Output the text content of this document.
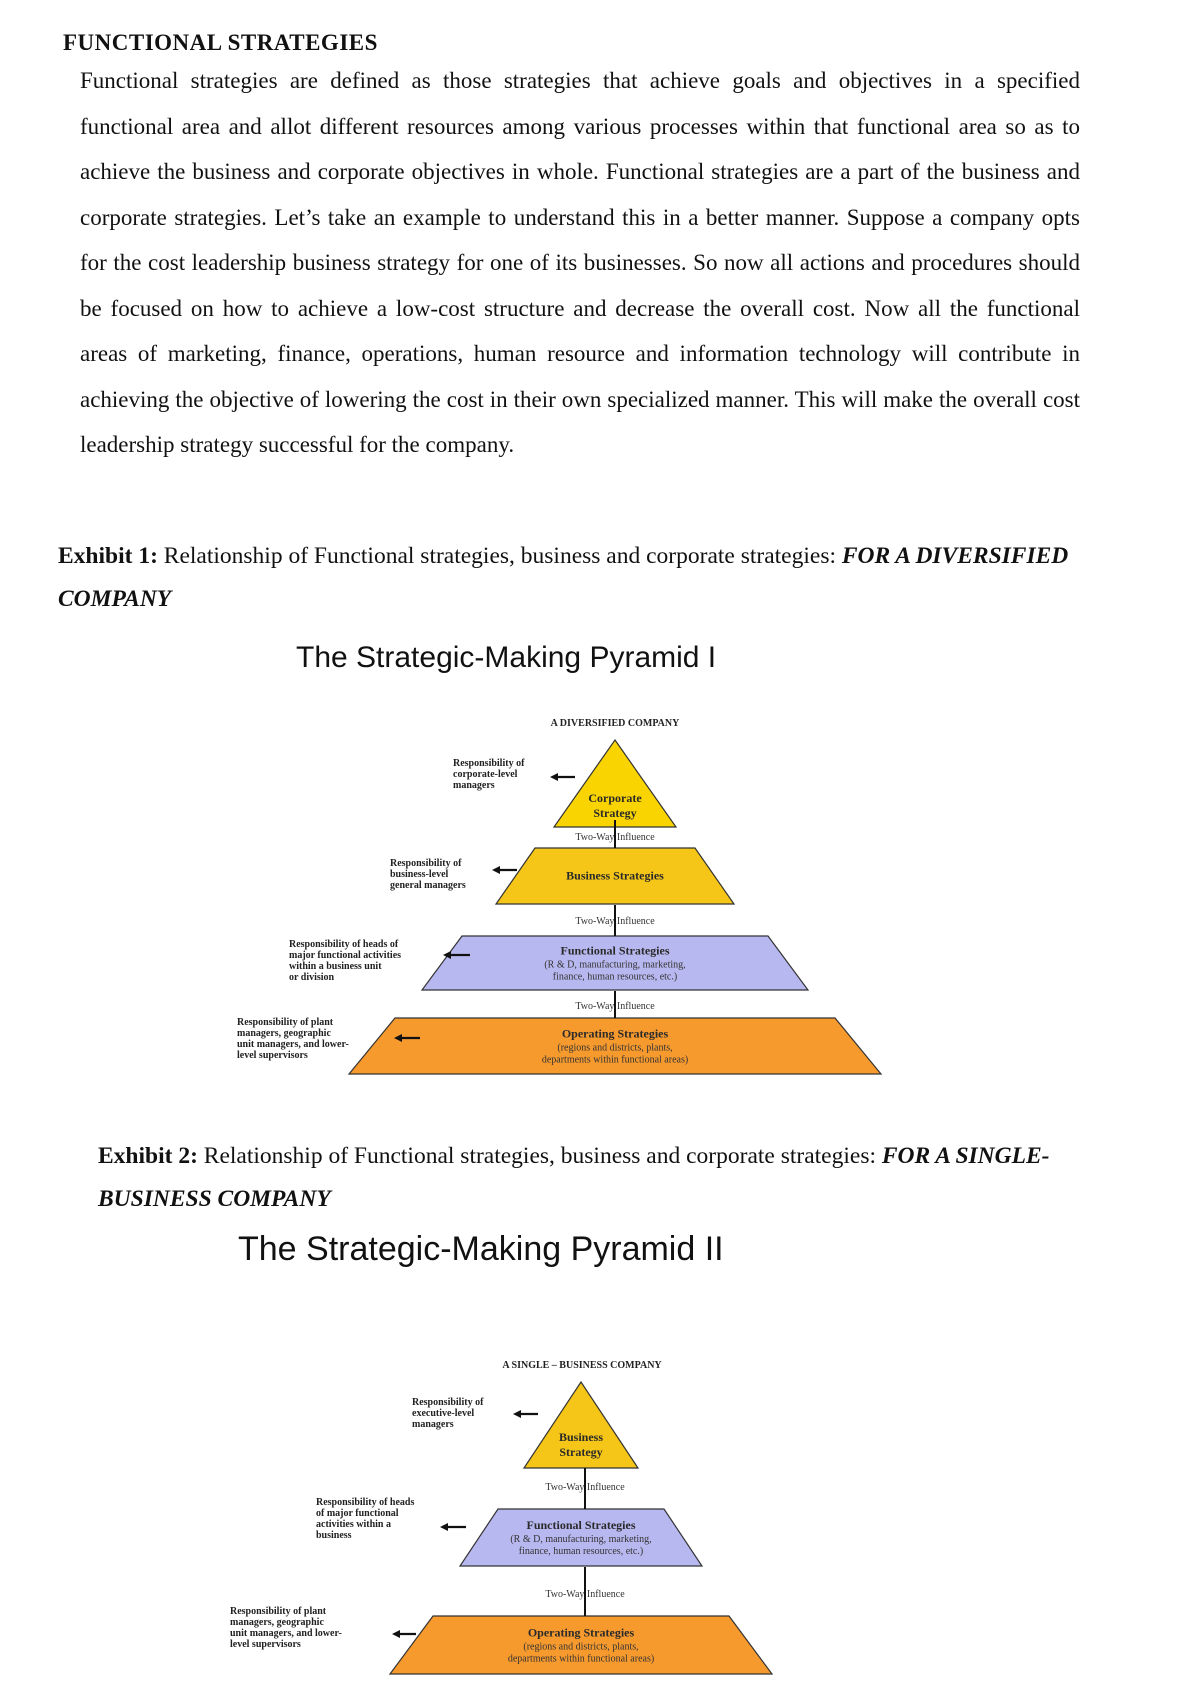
FUNCTIONAL STRATEGIES

Functional strategies are defined as those strategies that achieve goals and objectives in a specified functional area and allot different resources among various processes within that functional area so as to achieve the business and corporate objectives in whole. Functional strategies are a part of the business and corporate strategies. Let’s take an example to understand this in a better manner. Suppose a company opts for the cost leadership business strategy for one of its businesses. So now all actions and procedures should be focused on how to achieve a low-cost structure and decrease the overall cost. Now all the functional areas of marketing, finance, operations, human resource and information technology will contribute in achieving the objective of lowering the cost in their own specialized manner. This will make the overall cost leadership strategy successful for the company.

Exhibit 1: Relationship of Functional strategies, business and corporate strategies: FOR A DIVERSIFIED COMPANY

The Strategic-Making Pyramid I
A DIVERSIFIED COMPANY
Corporate
Strategy
Responsibility of
corporate-level
managers
Business Strategies
Responsibility of
business-level
general managers
Functional Strategies
(R & D, manufacturing, marketing,
finance, human resources, etc.)
Responsibility of heads of
major functional activities
within a business unit
or division
Operating Strategies
(regions and districts, plants,
departments within functional areas)
Responsibility of plant
managers, geographic
unit managers, and lower-
level supervisors
Two-Way Influence
Two-Way Influence
Two-Way Influence

Exhibit 2: Relationship of Functional strategies, business and corporate strategies: FOR A SINGLE-BUSINESS COMPANY

The Strategic-Making Pyramid II
A SINGLE – BUSINESS COMPANY
Business
Strategy
Responsibility of
executive-level
managers
Functional Strategies
(R & D, manufacturing, marketing,
finance, human resources, etc.)
Responsibility of heads
of major functional
activities within a
business
Operating Strategies
(regions and districts, plants,
departments within functional areas)
Responsibility of plant
managers, geographic
unit managers, and lower-
level supervisors
Two-Way Influence
Two-Way Influence
